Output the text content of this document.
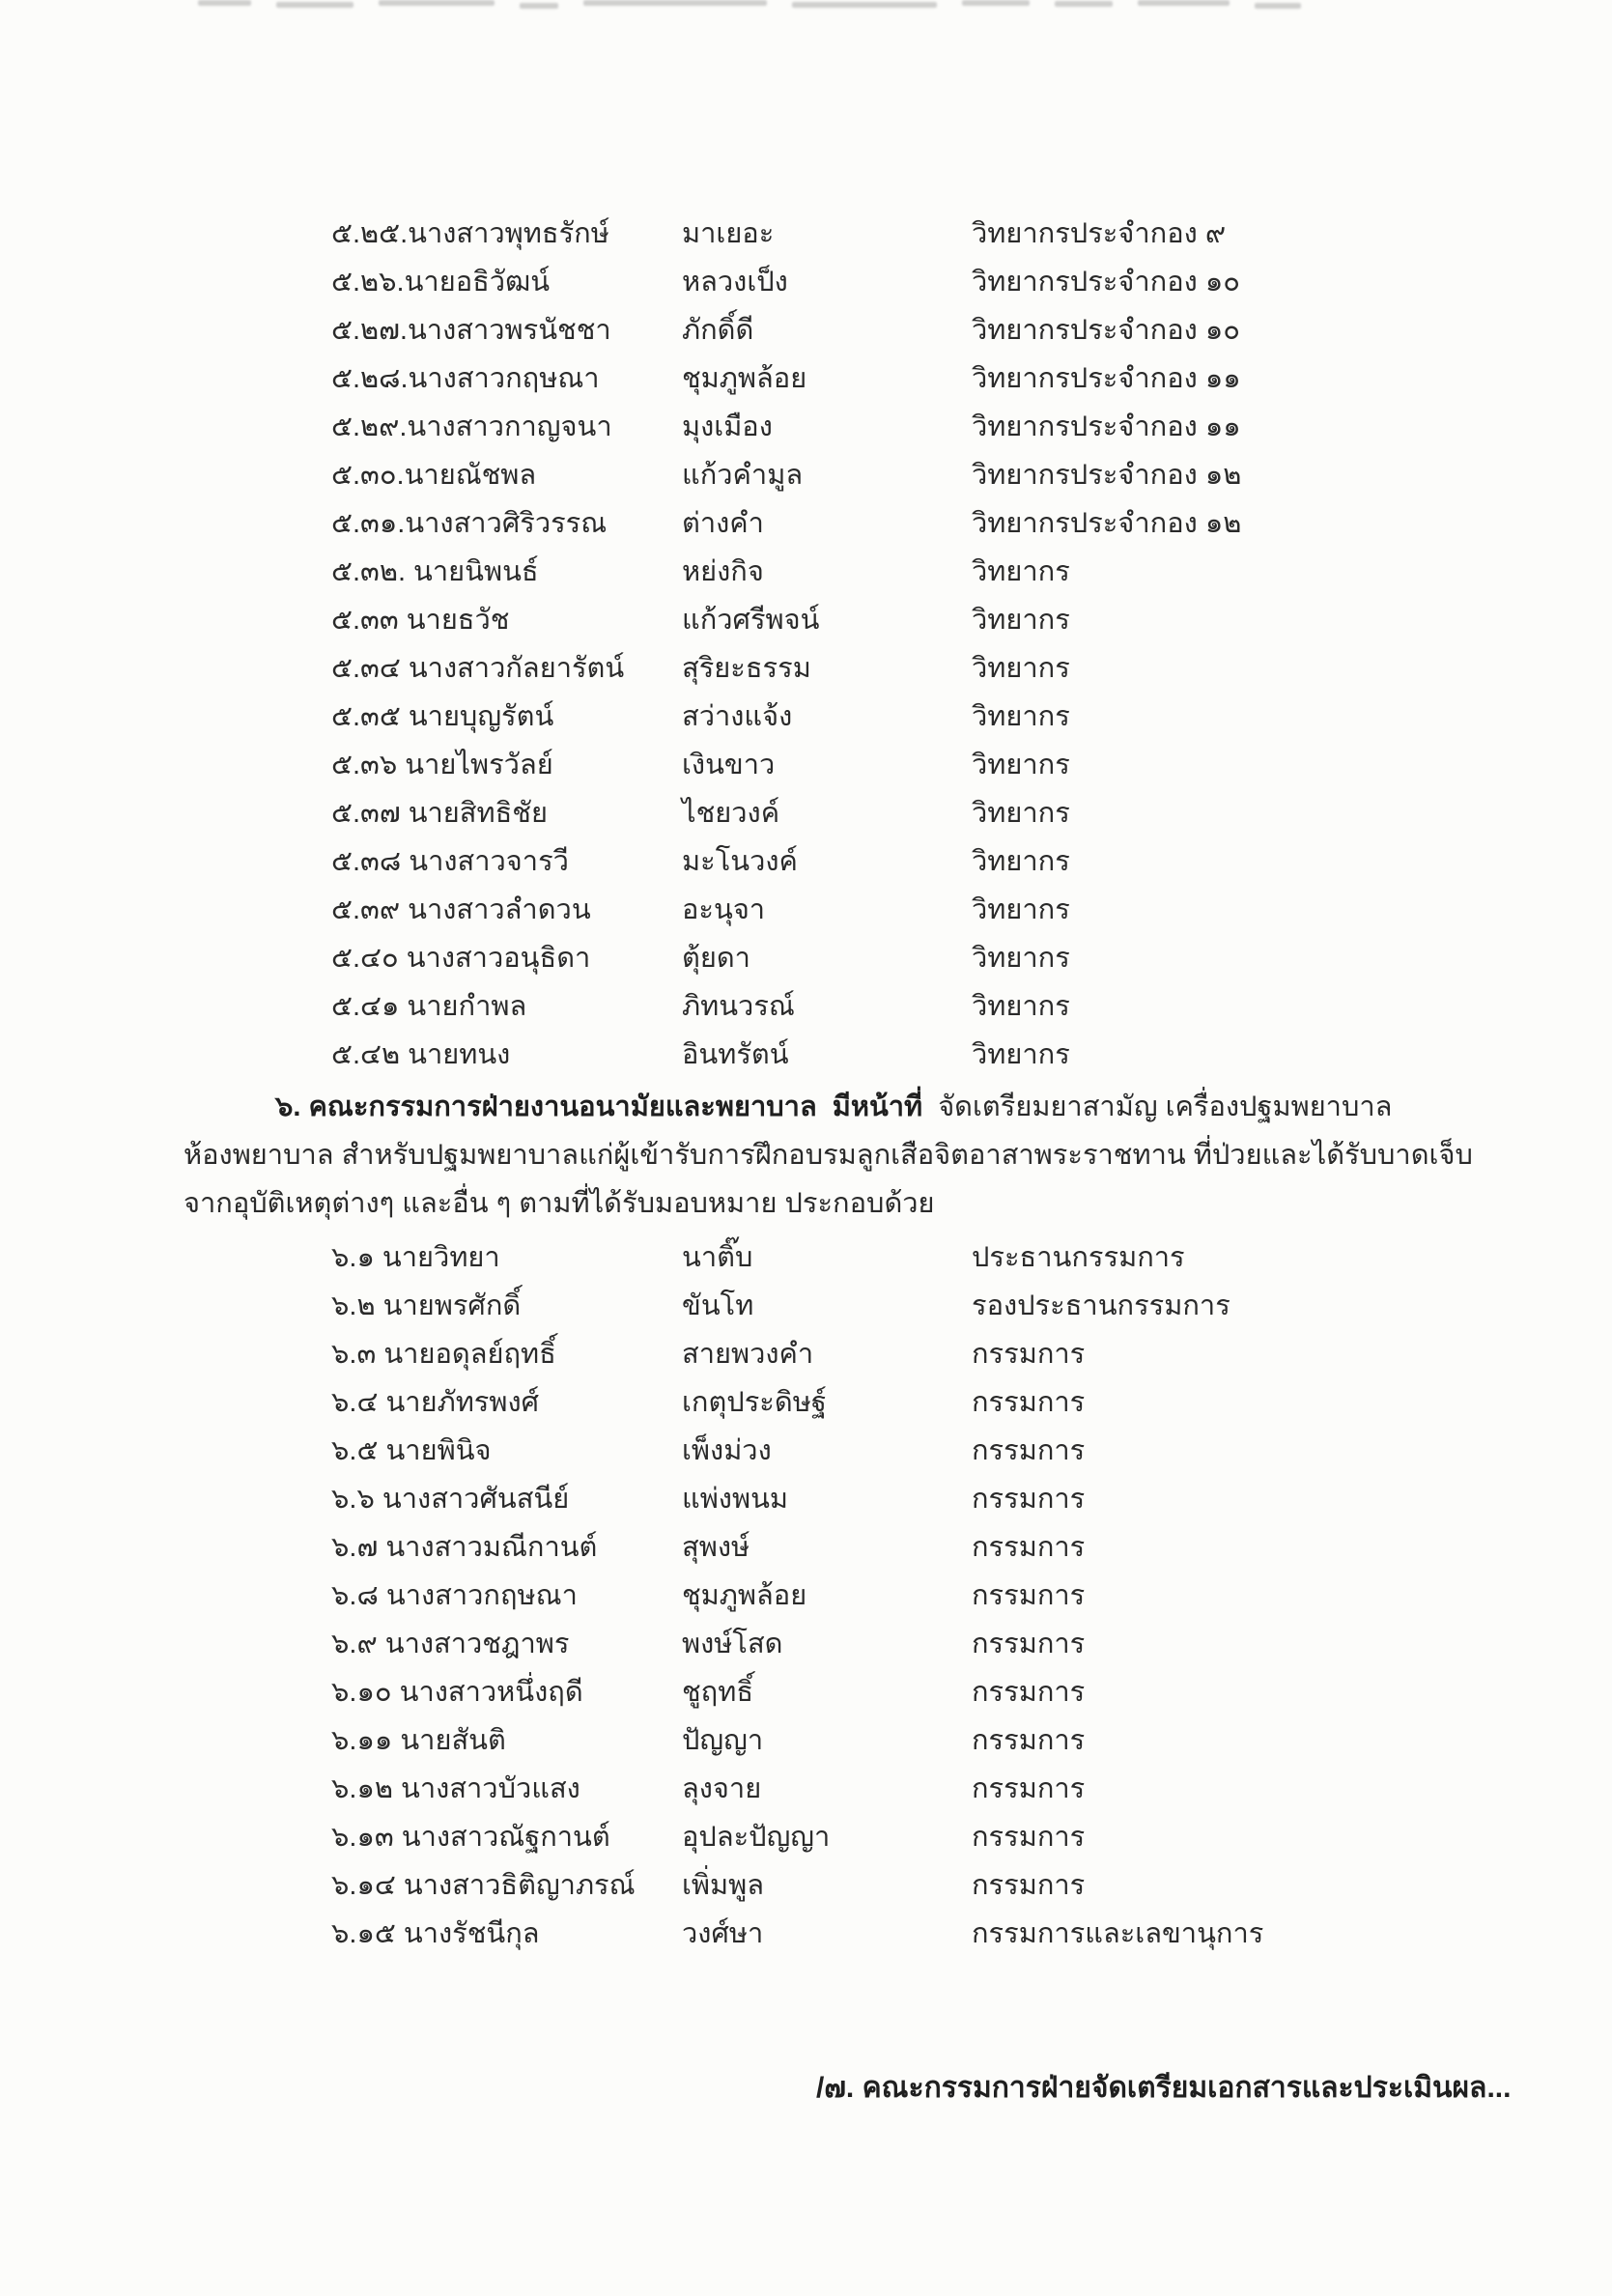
๕.๒๕.นางสาวพุทธรักษ์	มาเยอะ	วิทยากรประจำกอง ๙
๕.๒๖.นายอธิวัฒน์	หลวงเป็ง	วิทยากรประจำกอง ๑๐
๕.๒๗.นางสาวพรนัชชา	ภักดิ์ดี	วิทยากรประจำกอง ๑๐
๕.๒๘.นางสาวกฤษณา	ชุมภูพล้อย	วิทยากรประจำกอง ๑๑
๕.๒๙.นางสาวกาญจนา	มุงเมือง	วิทยากรประจำกอง ๑๑
๕.๓๐.นายณัชพล	แก้วคำมูล	วิทยากรประจำกอง ๑๒
๕.๓๑.นางสาวศิริวรรณ	ต่างคำ	วิทยากรประจำกอง ๑๒
๕.๓๒. นายนิพนธ์	หย่งกิจ	วิทยากร
๕.๓๓ นายธวัช	แก้วศรีพจน์	วิทยากร
๕.๓๔ นางสาวกัลยารัตน์	สุริยะธรรม	วิทยากร
๕.๓๕ นายบุญรัตน์	สว่างแจ้ง	วิทยากร
๕.๓๖ นายไพรวัลย์	เงินขาว	วิทยากร
๕.๓๗ นายสิทธิชัย	ไชยวงค์	วิทยากร
๕.๓๘ นางสาวจารวี	มะโนวงค์	วิทยากร
๕.๓๙ นางสาวลำดวน	อะนุจา	วิทยากร
๕.๔๐ นางสาวอนุธิดา	ตุ้ยดา	วิทยากร
๕.๔๑ นายกำพล	ภิทนวรณ์	วิทยากร
๕.๔๒ นายทนง	อินทรัตน์	วิทยากร
๖. คณะกรรมการฝ่ายงานอนามัยและพยาบาล มีหน้าที่ จัดเตรียมยาสามัญ เครื่องปฐมพยาบาล
ห้องพยาบาล สำหรับปฐมพยาบาลแก่ผู้เข้ารับการฝึกอบรมลูกเสือจิตอาสาพระราชทาน ที่ป่วยและได้รับบาดเจ็บ
จากอุบัติเหตุต่างๆ และอื่น ๆ ตามที่ได้รับมอบหมาย ประกอบด้วย
๖.๑ นายวิทยา	นาติ๊บ	ประธานกรรมการ
๖.๒ นายพรศักดิ์	ขันโท	รองประธานกรรมการ
๖.๓ นายอดุลย์ฤทธิ์	สายพวงคำ	กรรมการ
๖.๔ นายภัทรพงศ์	เกตุประดิษฐ์	กรรมการ
๖.๕ นายพินิจ	เพ็งม่วง	กรรมการ
๖.๖ นางสาวศันสนีย์	แพ่งพนม	กรรมการ
๖.๗ นางสาวมณีกานต์	สุพงษ์	กรรมการ
๖.๘ นางสาวกฤษณา	ชุมภูพล้อย	กรรมการ
๖.๙ นางสาวชฎาพร	พงษ์โสด	กรรมการ
๖.๑๐ นางสาวหนึ่งฤดี	ชูฤทธิ์	กรรมการ
๖.๑๑ นายสันติ	ปัญญา	กรรมการ
๖.๑๒ นางสาวบัวแสง	ลุงจาย	กรรมการ
๖.๑๓ นางสาวณัฐกานต์	อุปละปัญญา	กรรมการ
๖.๑๔ นางสาวธิติญาภรณ์	เพิ่มพูล	กรรมการ
๖.๑๕ นางรัชนีกุล	วงศ์ษา	กรรมการและเลขานุการ
/๗. คณะกรรมการฝ่ายจัดเตรียมเอกสารและประเมินผล...
